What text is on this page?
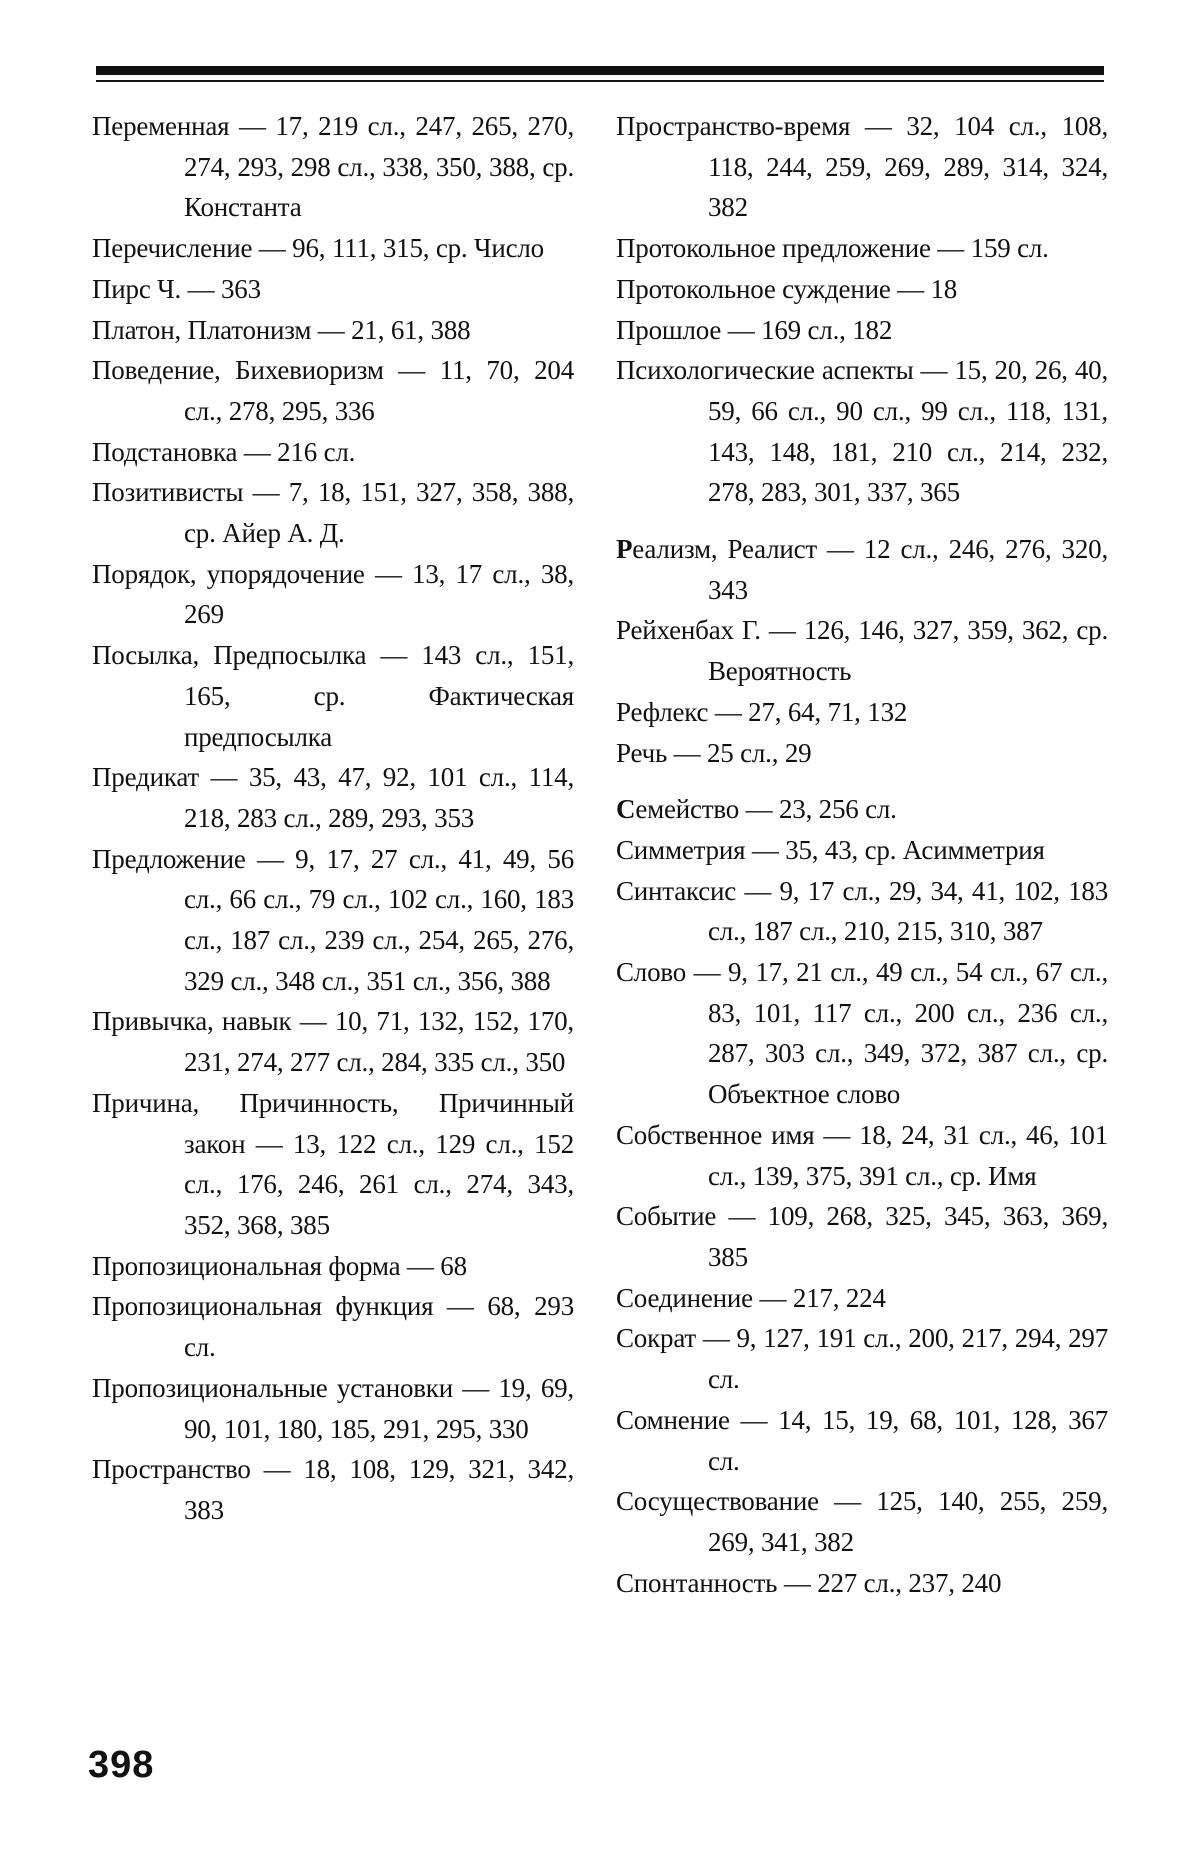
Переменная — 17, 219 сл., 247, 265, 270, 274, 293, 298 сл., 338, 350, 388, ср. Константа

Перечисление — 96, 111, 315, ср. Число

Пирс Ч. — 363

Платон, Платонизм — 21, 61, 388

Поведение, Бихевиоризм — 11, 70, 204 сл., 278, 295, 336

Подстановка — 216 сл.

Позитивисты — 7, 18, 151, 327, 358, 388, ср. Айер А. Д.

Порядок, упорядочение — 13, 17 сл., 38, 269

Посылка, Предпосылка — 143 сл., 151, 165, ср. Фактическая предпосылка

Предикат — 35, 43, 47, 92, 101 сл., 114, 218, 283 сл., 289, 293, 353

Предложение — 9, 17, 27 сл., 41, 49, 56 сл., 66 сл., 79 сл., 102 сл., 160, 183 сл., 187 сл., 239 сл., 254, 265, 276, 329 сл., 348 сл., 351 сл., 356, 388

Привычка, навык — 10, 71, 132, 152, 170, 231, 274, 277 сл., 284, 335 сл., 350

Причина, Причинность, Причинный закон — 13, 122 сл., 129 сл., 152 сл., 176, 246, 261 сл., 274, 343, 352, 368, 385

Пропозициональная форма — 68

Пропозициональная функция — 68, 293 сл.

Пропозициональные установки — 19, 69, 90, 101, 180, 185, 291, 295, 330

Пространство — 18, 108, 129, 321, 342, 383

Пространство-время — 32, 104 сл., 108, 118, 244, 259, 269, 289, 314, 324, 382

Протокольное предложение — 159 сл.

Протокольное суждение — 18

Прошлое — 169 сл., 182

Психологические аспекты — 15, 20, 26, 40, 59, 66 сл., 90 сл., 99 сл., 118, 131, 143, 148, 181, 210 сл., 214, 232, 278, 283, 301, 337, 365

Реализм, Реалист — 12 сл., 246, 276, 320, 343

Рейхенбах Г. — 126, 146, 327, 359, 362, ср. Вероятность

Рефлекс — 27, 64, 71, 132

Речь — 25 сл., 29

Семейство — 23, 256 сл.

Симметрия — 35, 43, ср. Асимметрия

Синтаксис — 9, 17 сл., 29, 34, 41, 102, 183 сл., 187 сл., 210, 215, 310, 387

Слово — 9, 17, 21 сл., 49 сл., 54 сл., 67 сл., 83, 101, 117 сл., 200 сл., 236 сл., 287, 303 сл., 349, 372, 387 сл., ср. Объектное слово

Собственное имя — 18, 24, 31 сл., 46, 101 сл., 139, 375, 391 сл., ср. Имя

Событие — 109, 268, 325, 345, 363, 369, 385

Соединение — 217, 224

Сократ — 9, 127, 191 сл., 200, 217, 294, 297 сл.

Сомнение — 14, 15, 19, 68, 101, 128, 367 сл.

Сосуществование — 125, 140, 255, 259, 269, 341, 382

Спонтанность — 227 сл., 237, 240

398
